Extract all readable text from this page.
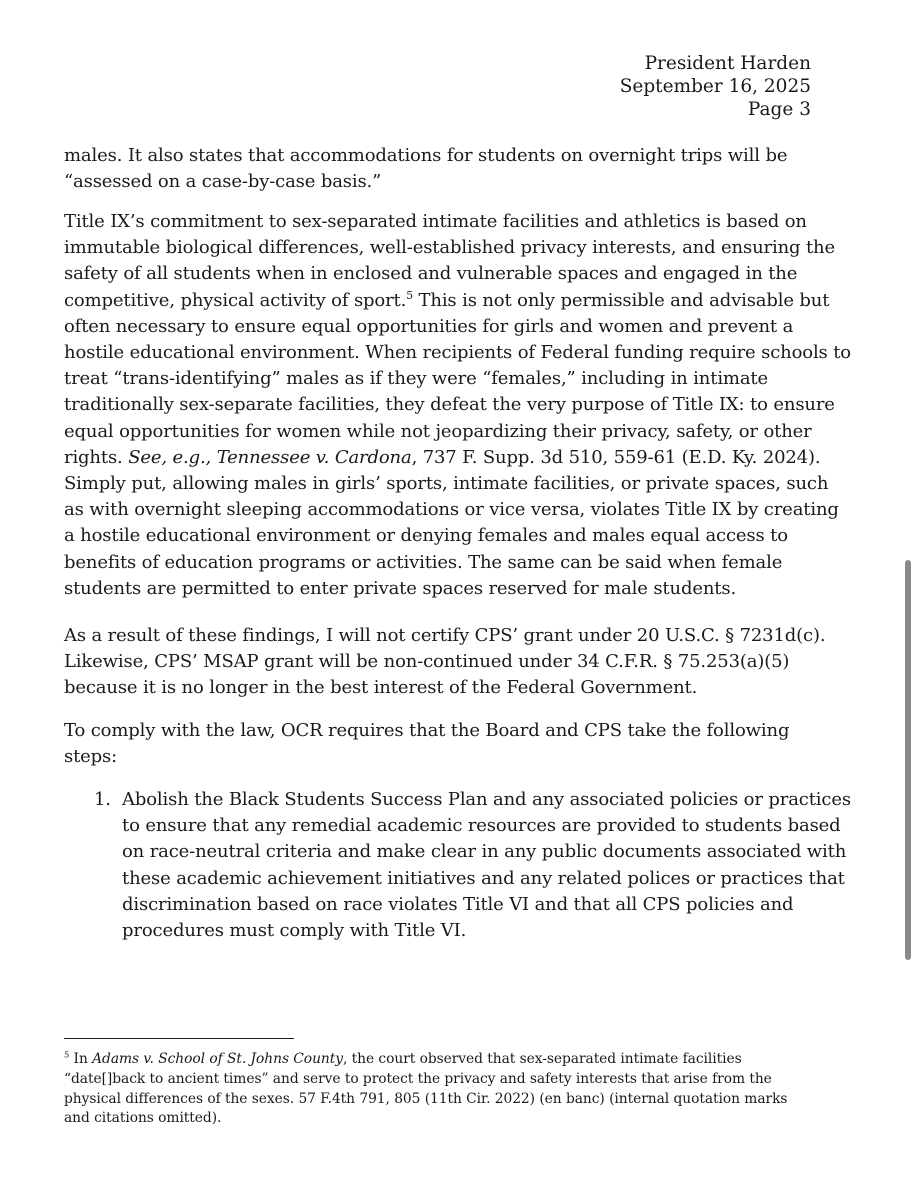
President Harden
September 16, 2025
Page 3
males. It also states that accommodations for students on overnight trips will be
“assessed on a case-by-case basis.”
Title IX’s commitment to sex-separated intimate facilities and athletics is based on
immutable biological differences, well-established privacy interests, and ensuring the
safety of all students when in enclosed and vulnerable spaces and engaged in the
competitive, physical activity of sport.$^5$ This is not only permissible and advisable but
often necessary to ensure equal opportunities for girls and women and prevent a
hostile educational environment. When recipients of Federal funding require schools to
treat “trans-identifying” males as if they were “females,” including in intimate
traditionally sex-separate facilities, they defeat the very purpose of Title IX: to ensure
equal opportunities for women while not jeopardizing their privacy, safety, or other
rights. See, e.g., Tennessee v. Cardona, 737 F. Supp. 3d 510, 559-61 (E.D. Ky. 2024).
Simply put, allowing males in girls’ sports, intimate facilities, or private spaces, such
as with overnight sleeping accommodations or vice versa, violates Title IX by creating
a hostile educational environment or denying females and males equal access to
benefits of education programs or activities. The same can be said when female
students are permitted to enter private spaces reserved for male students.
As a result of these findings, I will not certify CPS’ grant under 20 U.S.C. § 7231d(c).
Likewise, CPS’ MSAP grant will be non-continued under 34 C.F.R. § 75.253(a)(5)
because it is no longer in the best interest of the Federal Government.
To comply with the law, OCR requires that the Board and CPS take the following
steps:
1. Abolish the Black Students Success Plan and any associated policies or practices
to ensure that any remedial academic resources are provided to students based
on race-neutral criteria and make clear in any public documents associated with
these academic achievement initiatives and any related polices or practices that
discrimination based on race violates Title VI and that all CPS policies and
procedures must comply with Title VI.
$^5$ In Adams v. School of St. Johns County, the court observed that sex-separated intimate facilities
“date[]back to ancient times” and serve to protect the privacy and safety interests that arise from the
physical differences of the sexes. 57 F.4th 791, 805 (11th Cir. 2022) (en banc) (internal quotation marks
and citations omitted).
